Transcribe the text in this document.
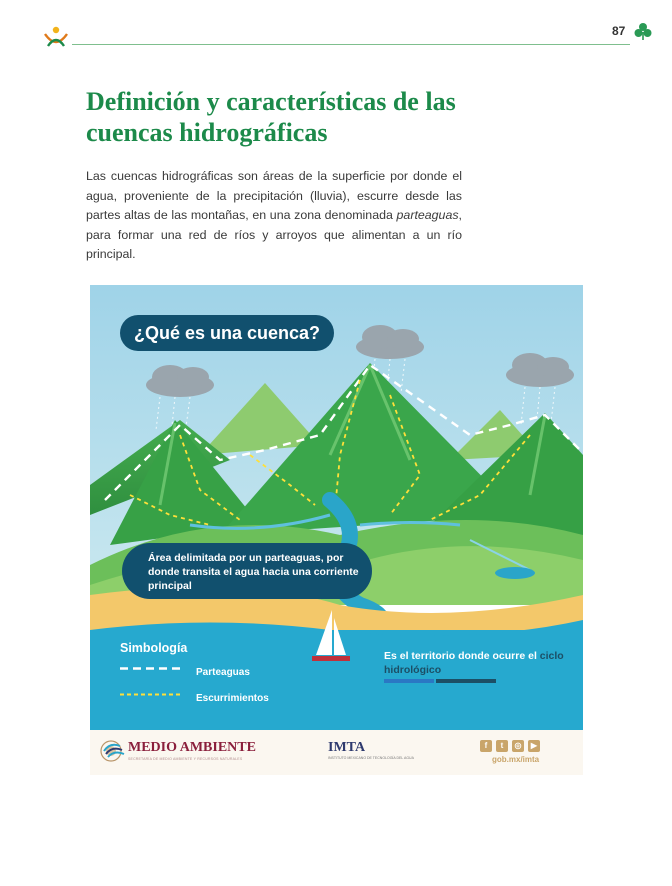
87
Definición y características de las cuencas hidrográficas

Las cuencas hidrográficas son áreas de la superficie por donde el agua, proveniente de la precipitación (lluvia), escurre desde las partes altas de las montañas, en una zona denominada parteaguas, para formar una red de ríos y arroyos que alimentan a un río principal.

¿Qué es una cuenca?
Área delimitada por un parteaguas, por donde transita el agua hacia una corriente principal
Simbología
Parteaguas
Escurrimientos
Es el territorio donde ocurre el ciclo hidrológico
MEDIO AMBIENTE
SECRETARÍA DE MEDIO AMBIENTE Y RECURSOS NATURALES
IMTA
INSTITUTO MEXICANO DE TECNOLOGÍA DEL AGUA
f	t	◎	▶
gob.mx/imta
